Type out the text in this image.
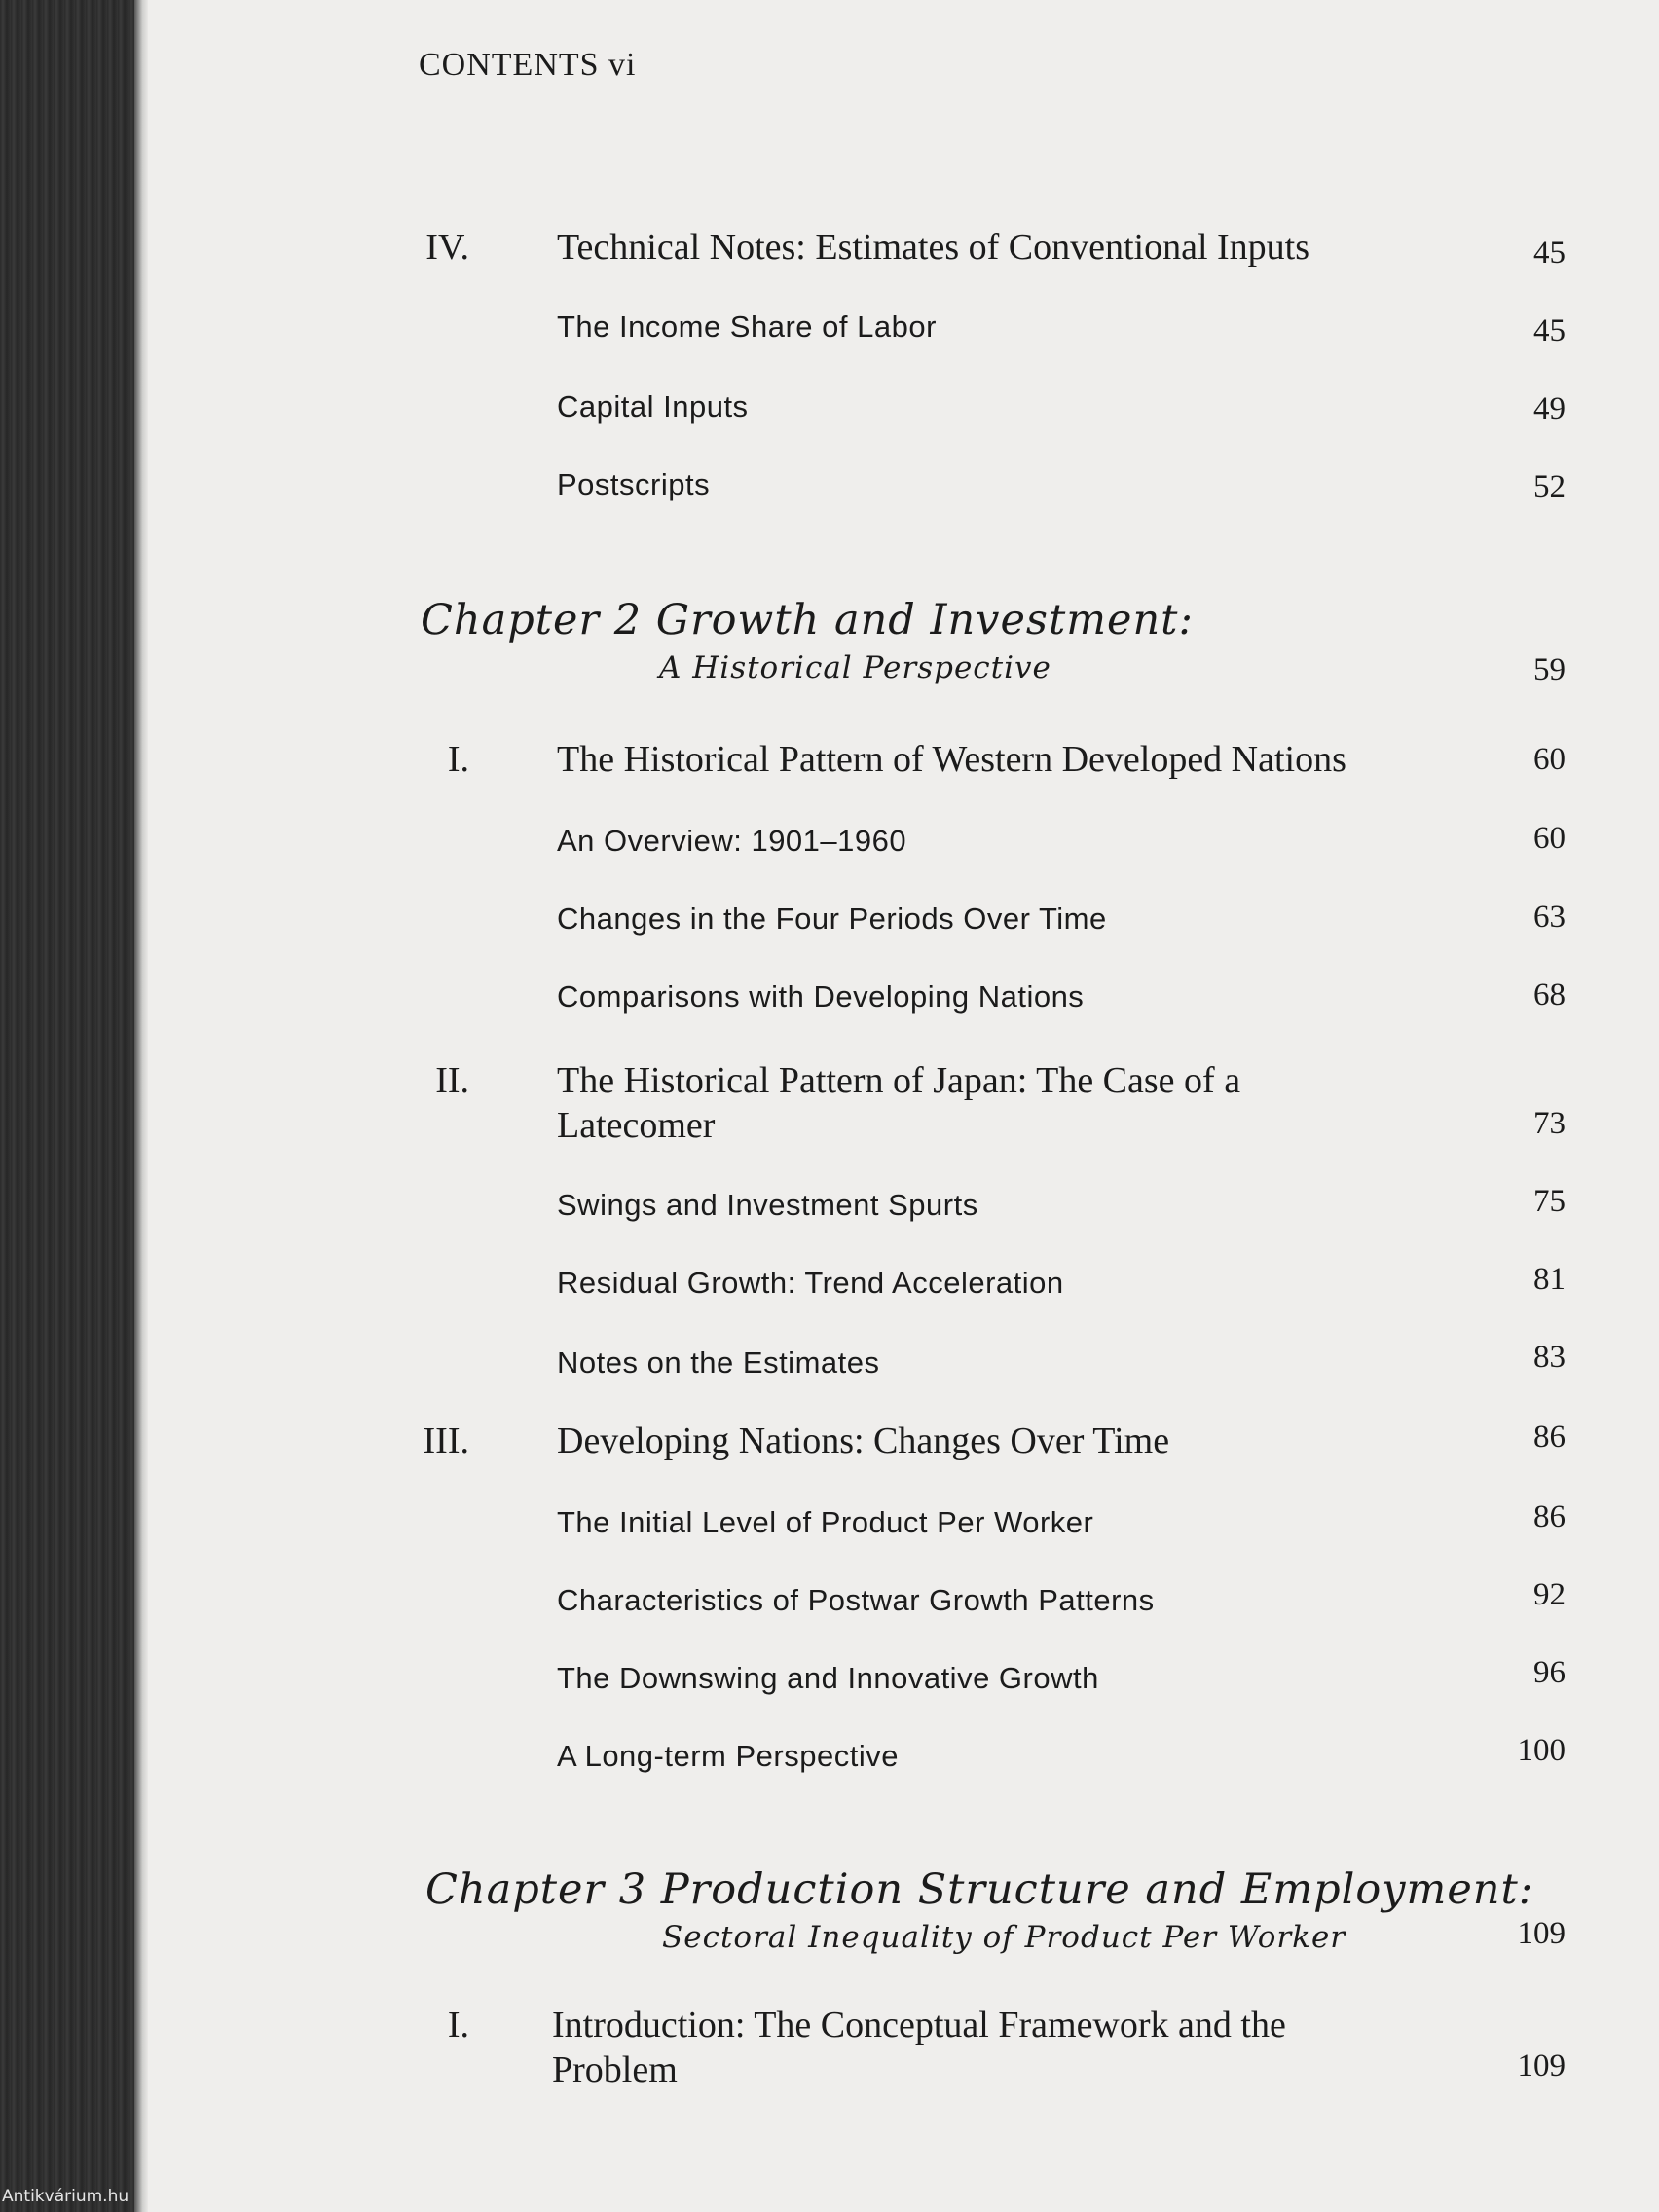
Antikvárium.hu
CONTENTS vi
IV. Technical Notes: Estimates of Conventional Inputs	45
The Income Share of Labor	45
Capital Inputs	49
Postscripts	52
Chapter 2 Growth and Investment:
A Historical Perspective	59
I. The Historical Pattern of Western Developed Nations	60
An Overview: 1901–1960	60
Changes in the Four Periods Over Time	63
Comparisons with Developing Nations	68
II. The Historical Pattern of Japan: The Case of a
Latecomer	73
Swings and Investment Spurts	75
Residual Growth: Trend Acceleration	81
Notes on the Estimates	83
III. Developing Nations: Changes Over Time	86
The Initial Level of Product Per Worker	86
Characteristics of Postwar Growth Patterns	92
The Downswing and Innovative Growth	96
A Long-term Perspective	100
Chapter 3 Production Structure and Employment:
Sectoral Inequality of Product Per Worker	109
I. Introduction: The Conceptual Framework and the
Problem	109
